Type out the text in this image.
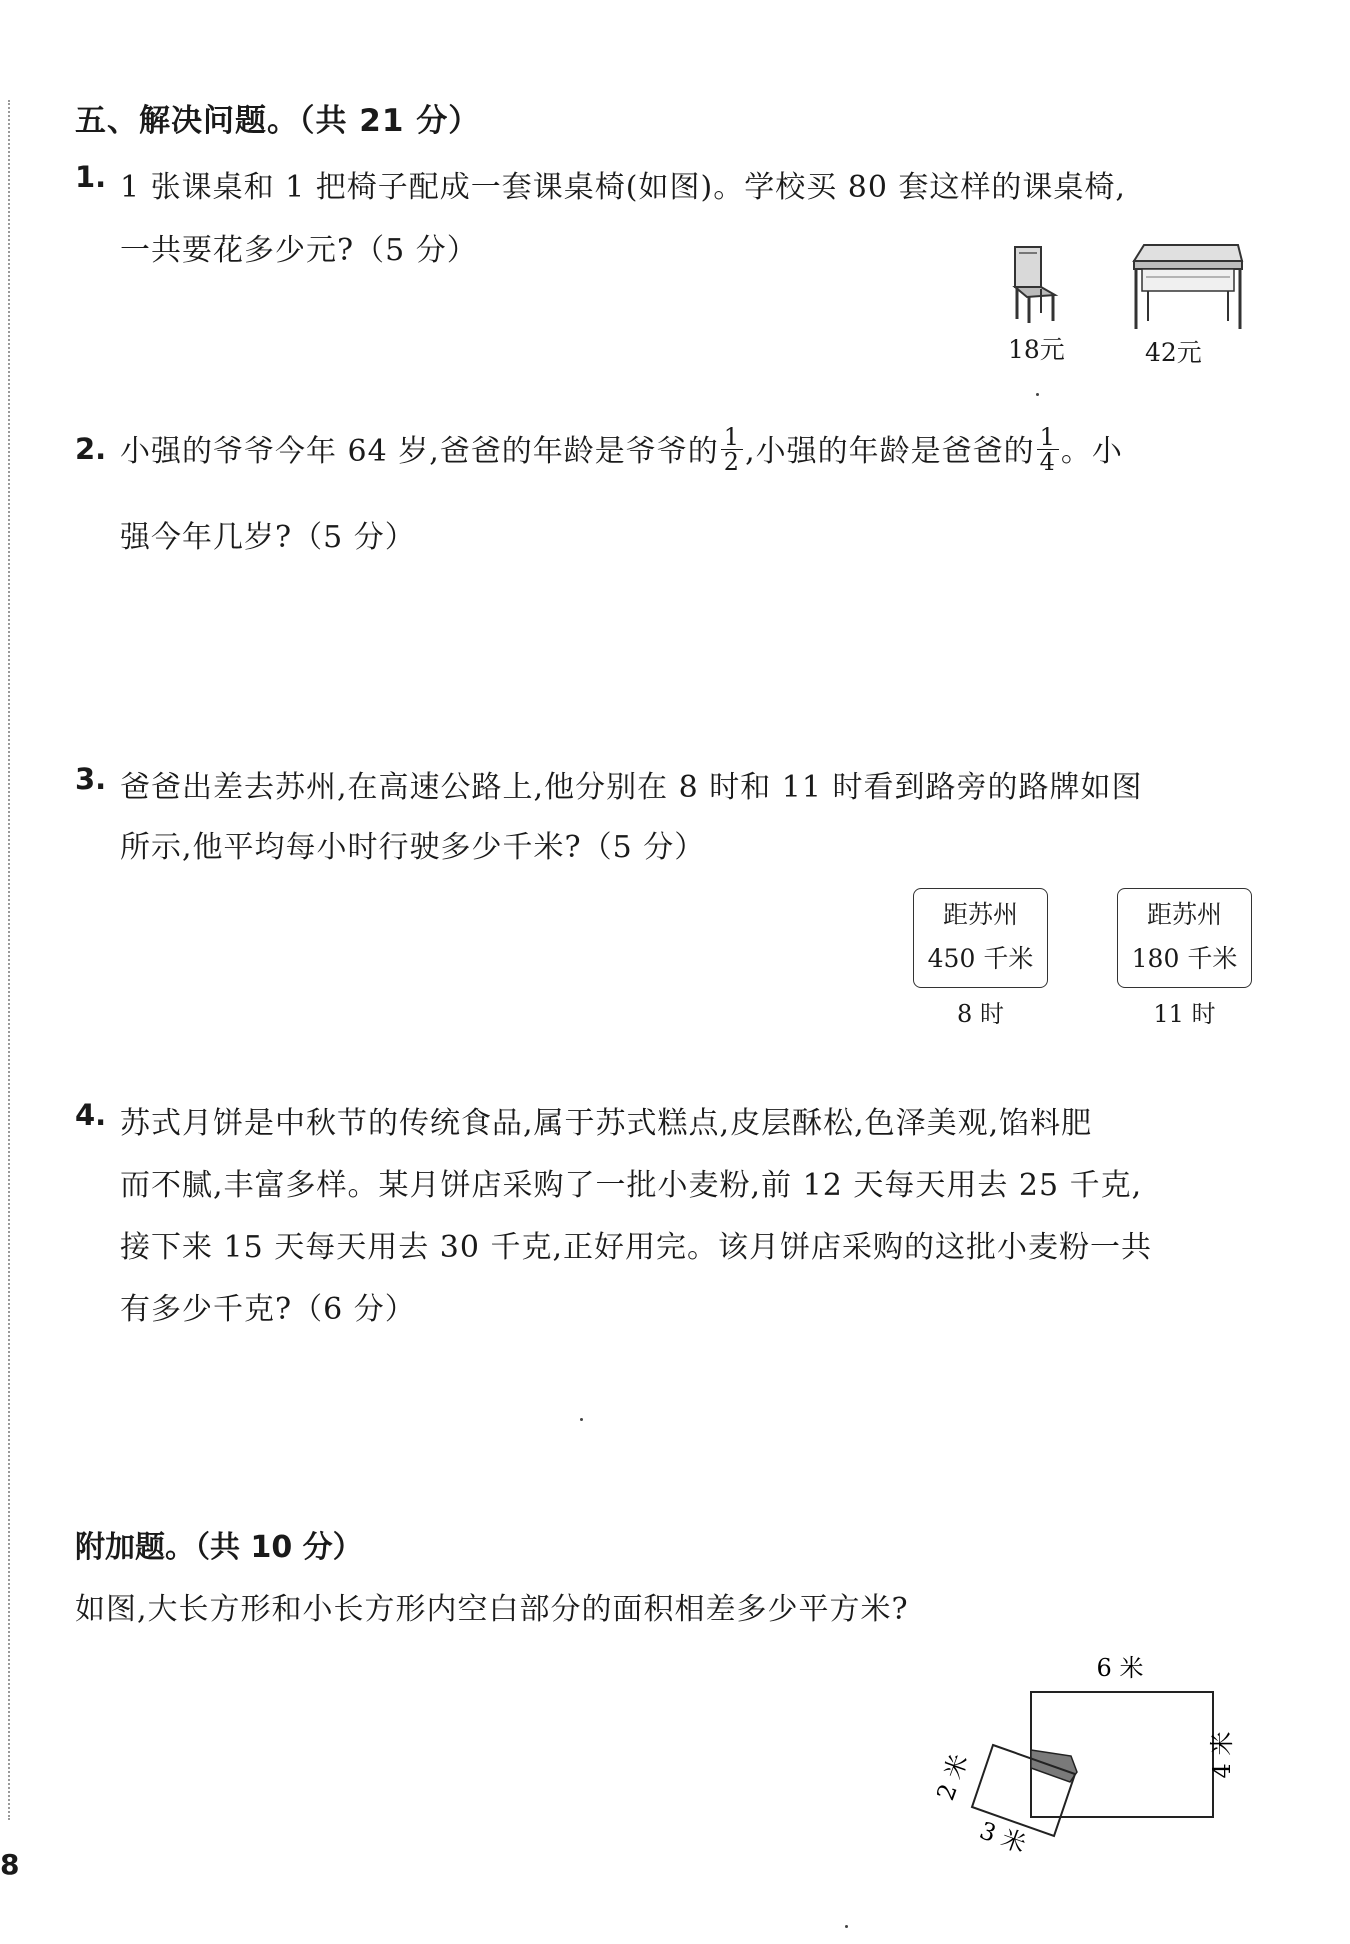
五、解决问题。（共 21 分）
1. 1 张课桌和 1 把椅子配成一套课桌椅(如图)。学校买 80 套这样的课桌椅,
一共要花多少元?（5 分）
18元	42元
2. 小强的爷爷今年 64 岁,爸爸的年龄是爷爷的 $\frac{1}{2}$ ,小强的年龄是爸爸的 $\frac{1}{4}$ 。小
强今年几岁?（5 分）
3. 爸爸出差去苏州,在高速公路上,他分别在 8 时和 11 时看到路旁的路牌如图
所示,他平均每小时行驶多少千米?（5 分）
距苏州
450 千米
8 时
距苏州
180 千米
11 时
4. 苏式月饼是中秋节的传统食品,属于苏式糕点,皮层酥松,色泽美观,馅料肥
而不腻,丰富多样。某月饼店采购了一批小麦粉,前 12 天每天用去 25 千克,
接下来 15 天每天用去 30 千克,正好用完。该月饼店采购的这批小麦粉一共
有多少千克?（6 分）
附加题。（共 10 分）
如图,大长方形和小长方形内空白部分的面积相差多少平方米?
6 米
4 米
2 米
3 米
8
